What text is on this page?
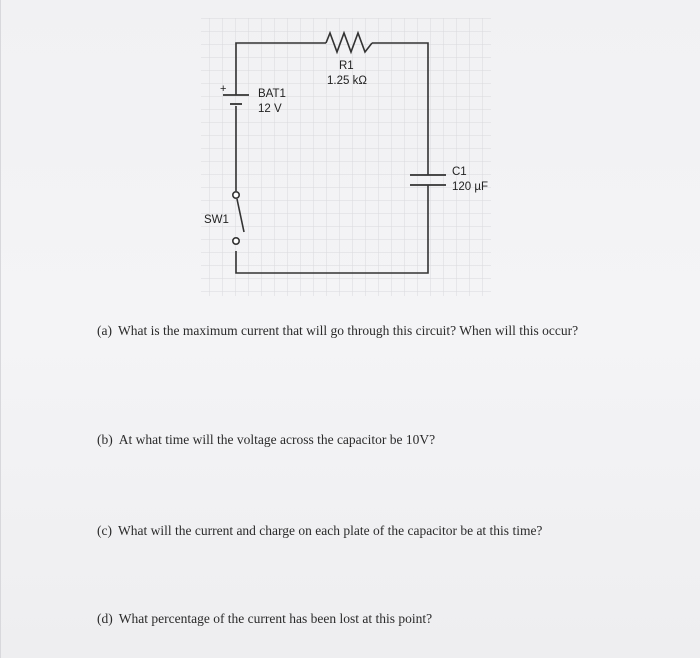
+
R1
1.25 kΩ
BAT1
12 V
C1
120 µF
SW1
(a) What is the maximum current that will go through this circuit? When will this occur?
(b) At what time will the voltage across the capacitor be 10V?
(c) What will the current and charge on each plate of the capacitor be at this time?
(d) What percentage of the current has been lost at this point?
